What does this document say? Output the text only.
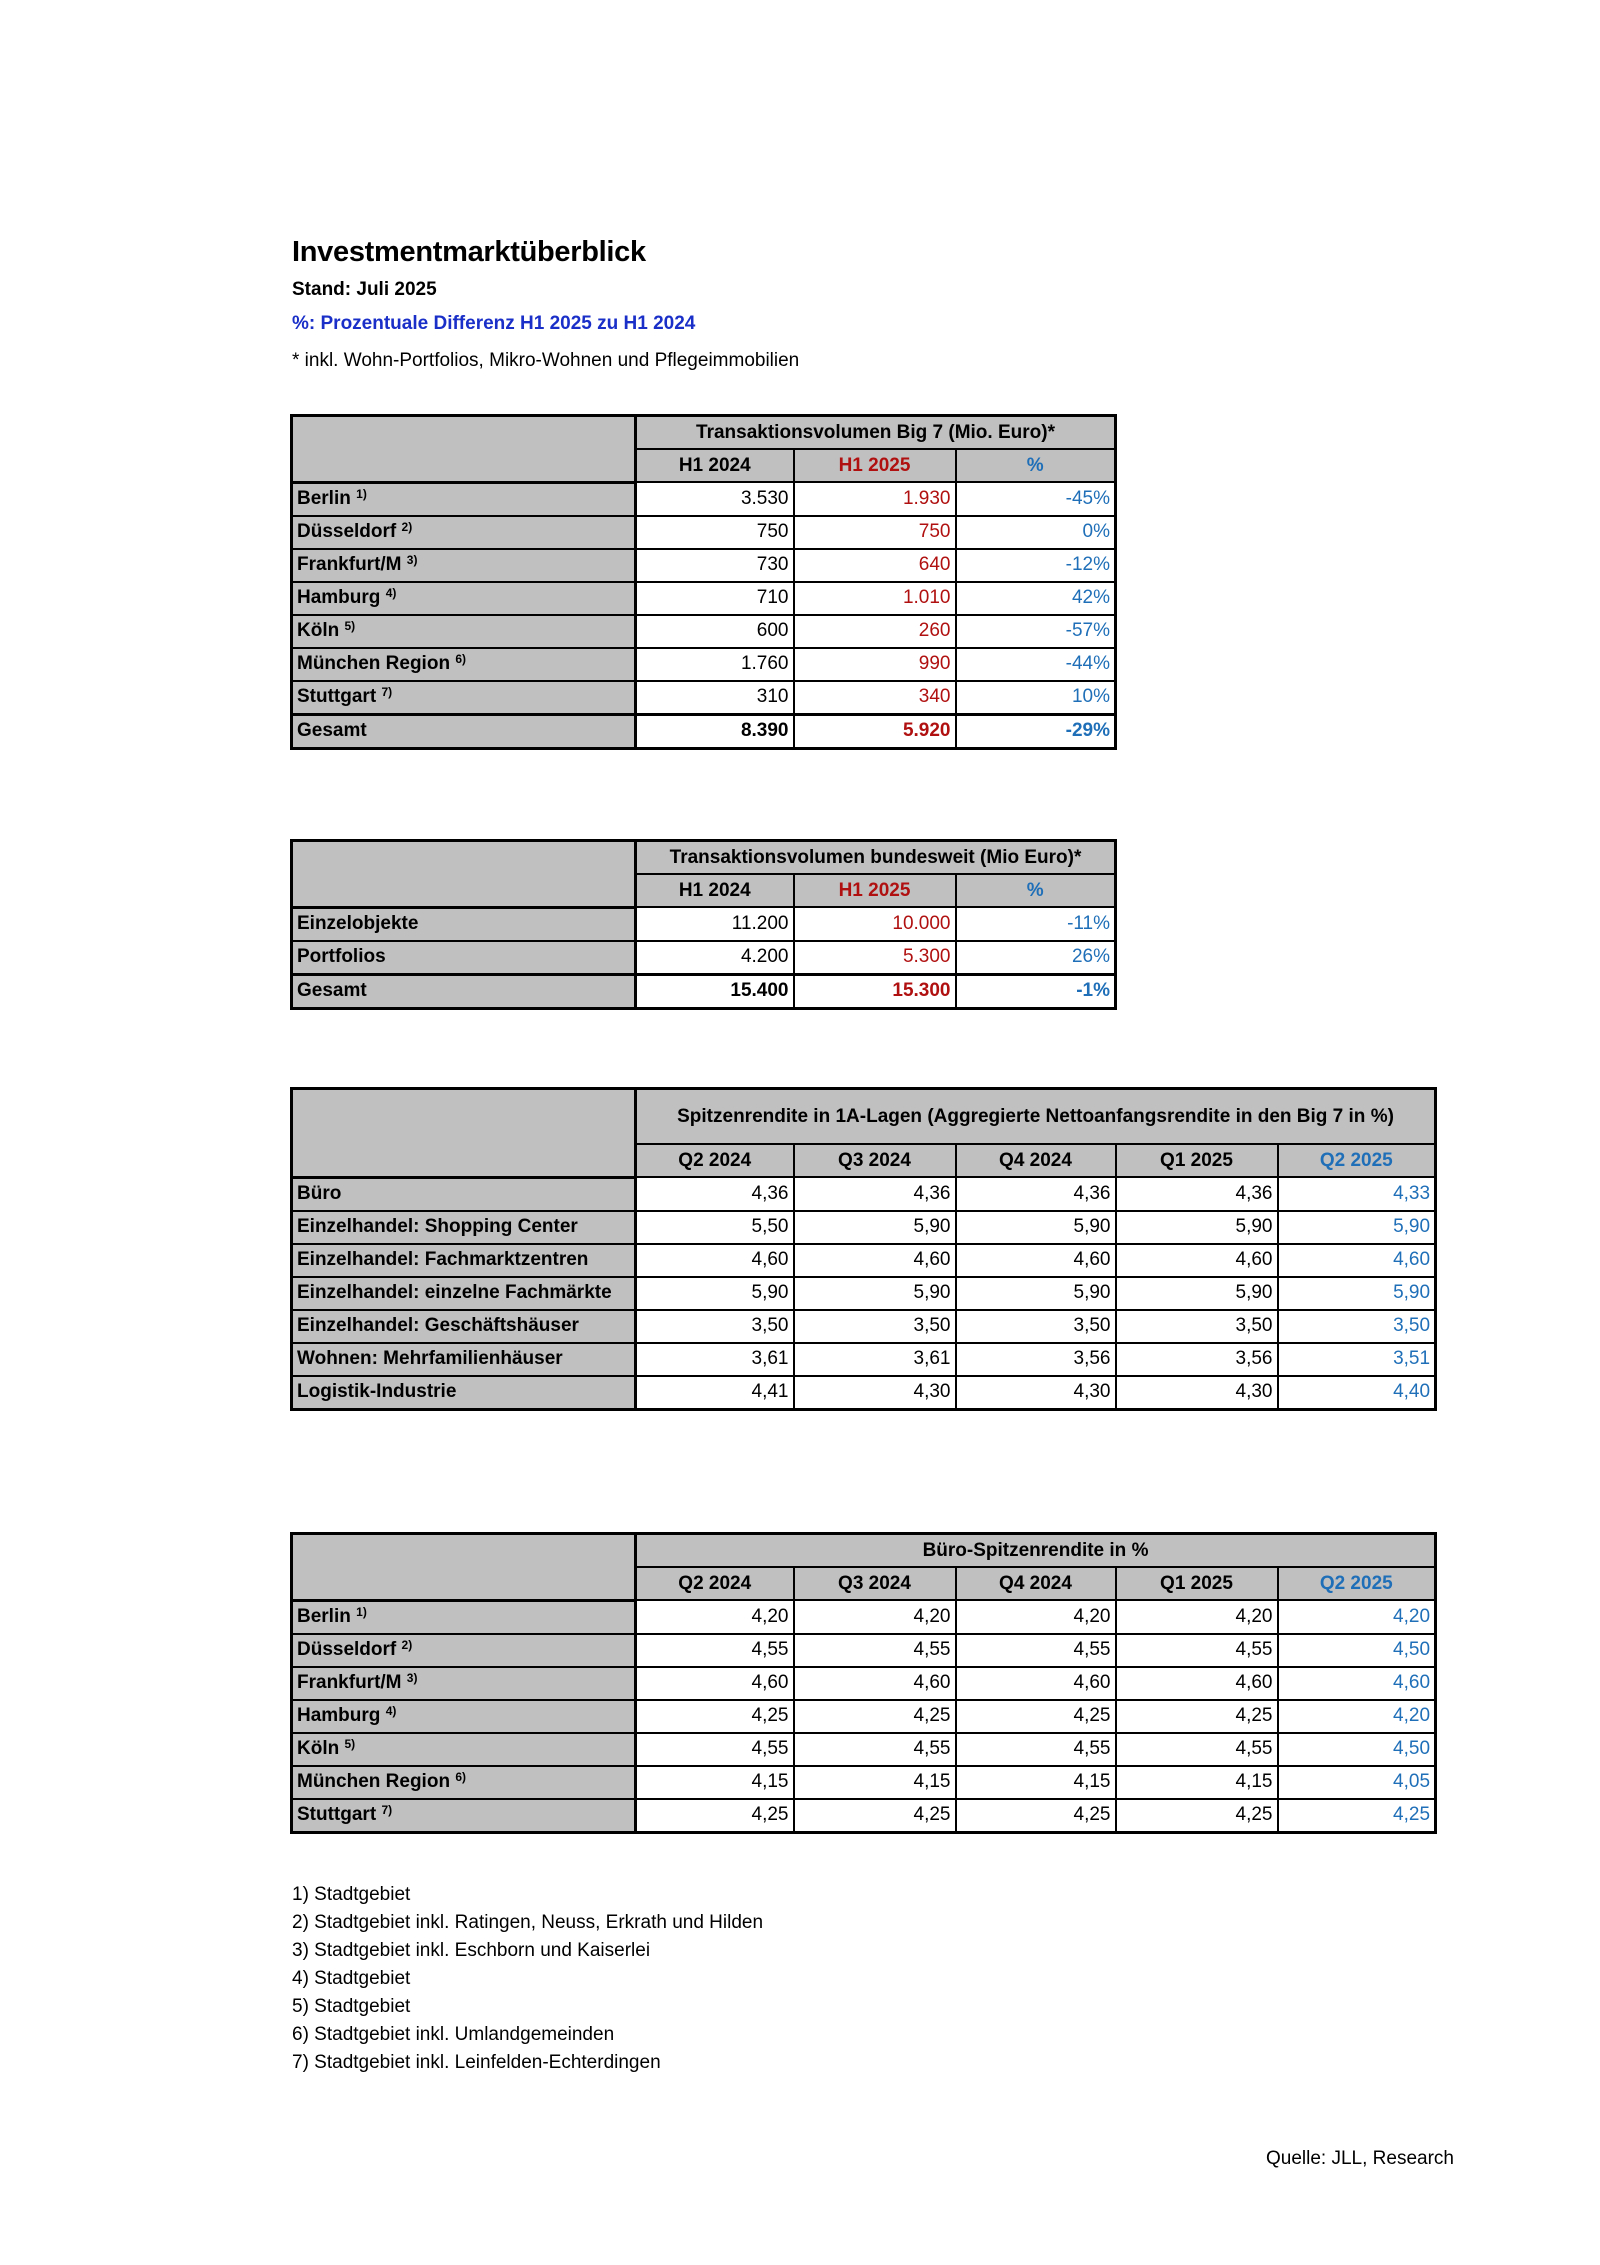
Investmentmarktüberblick
Stand: Juli 2025
%: Prozentuale Differenz H1 2025 zu H1 2024
* inkl. Wohn-Portfolios, Mikro-Wohnen und Pflegeimmobilien
	Transaktionsvolumen Big 7 (Mio. Euro)*		
	H1 2024	H1 2025	%
Berlin $^{1)}$	3.530	1.930	-45%
Düsseldorf $^{2)}$	750	750	0%
Frankfurt/M $^{3)}$	730	640	-12%
Hamburg $^{4)}$	710	1.010	42%
Köln $^{5)}$	600	260	-57%
München Region $^{6)}$	1.760	990	-44%
Stuttgart $^{7)}$	310	340	10%
Gesamt	8.390	5.920	-29%
	Transaktionsvolumen bundesweit (Mio Euro)*		
	H1 2024	H1 2025	%
Einzelobjekte	11.200	10.000	-11%
Portfolios	4.200	5.300	26%
Gesamt	15.400	15.300	-1%
	Spitzenrendite in 1A-Lagen (Aggregierte Nettoanfangsrendite in den Big 7 in %)				
	Q2 2024	Q3 2024	Q4 2024	Q1 2025	Q2 2025
Büro	4,36	4,36	4,36	4,36	4,33
Einzelhandel: Shopping Center	5,50	5,90	5,90	5,90	5,90
Einzelhandel: Fachmarktzentren	4,60	4,60	4,60	4,60	4,60
Einzelhandel: einzelne Fachmärkte	5,90	5,90	5,90	5,90	5,90
Einzelhandel: Geschäftshäuser	3,50	3,50	3,50	3,50	3,50
Wohnen: Mehrfamilienhäuser	3,61	3,61	3,56	3,56	3,51
Logistik-Industrie	4,41	4,30	4,30	4,30	4,40
	Büro-Spitzenrendite in %				
	Q2 2024	Q3 2024	Q4 2024	Q1 2025	Q2 2025
Berlin $^{1)}$	4,20	4,20	4,20	4,20	4,20
Düsseldorf $^{2)}$	4,55	4,55	4,55	4,55	4,50
Frankfurt/M $^{3)}$	4,60	4,60	4,60	4,60	4,60
Hamburg $^{4)}$	4,25	4,25	4,25	4,25	4,20
Köln $^{5)}$	4,55	4,55	4,55	4,55	4,50
München Region $^{6)}$	4,15	4,15	4,15	4,15	4,05
Stuttgart $^{7)}$	4,25	4,25	4,25	4,25	4,25
1) Stadtgebiet
2) Stadtgebiet inkl. Ratingen, Neuss, Erkrath und Hilden
3) Stadtgebiet inkl. Eschborn und Kaiserlei
4) Stadtgebiet
5) Stadtgebiet
6) Stadtgebiet inkl. Umlandgemeinden
7) Stadtgebiet inkl. Leinfelden-Echterdingen
Quelle: JLL, Research
